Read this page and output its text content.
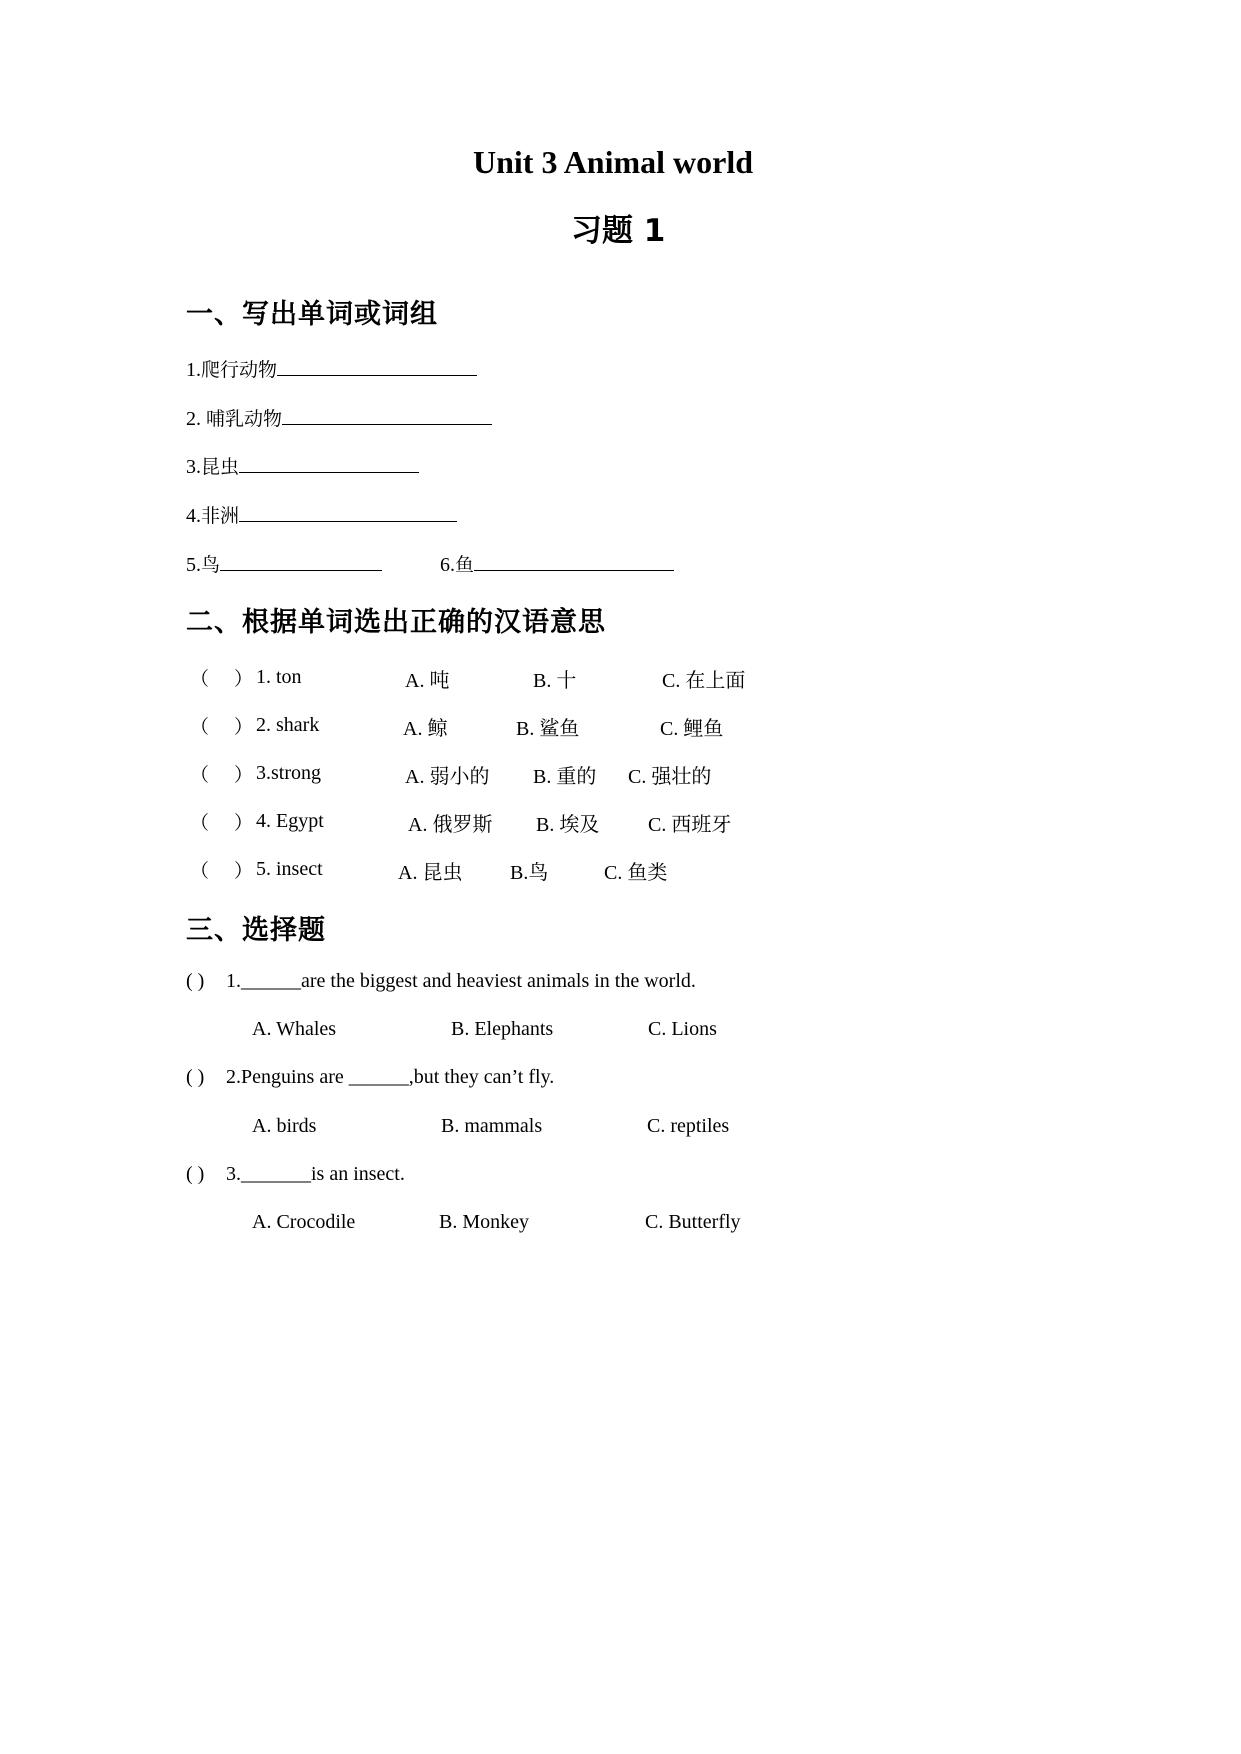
Unit 3 Animal world
习题 1
一、写出单词或词组
1.爬行动物
2. 哺乳动物
3.昆虫
4.非洲
5.鸟	6.鱼
二、根据单词选出正确的汉语意思
（　 ） 1. ton	A. 吨	B. 十	C. 在上面
（　 ） 2. shark	A. 鲸	B. 鲨鱼	C. 鲤鱼
（　 ） 3.strong	A. 弱小的 B. 重的 C. 强壮的
（　 ） 4. Egypt	A. 俄罗斯 B. 埃及 C. 西班牙
（　 ） 5. insect	A. 昆虫 B.鸟	C. 鱼类
三、选择题
( ) 1.______are the biggest and heaviest animals in the world.
A. Whales	B. Elephants	C. Lions
( ) 2.Penguins are ______,but they can’t fly.
A. birds	B. mammals	C. reptiles
( ) 3._______is an insect.
A. Crocodile	B. Monkey	C. Butterfly
